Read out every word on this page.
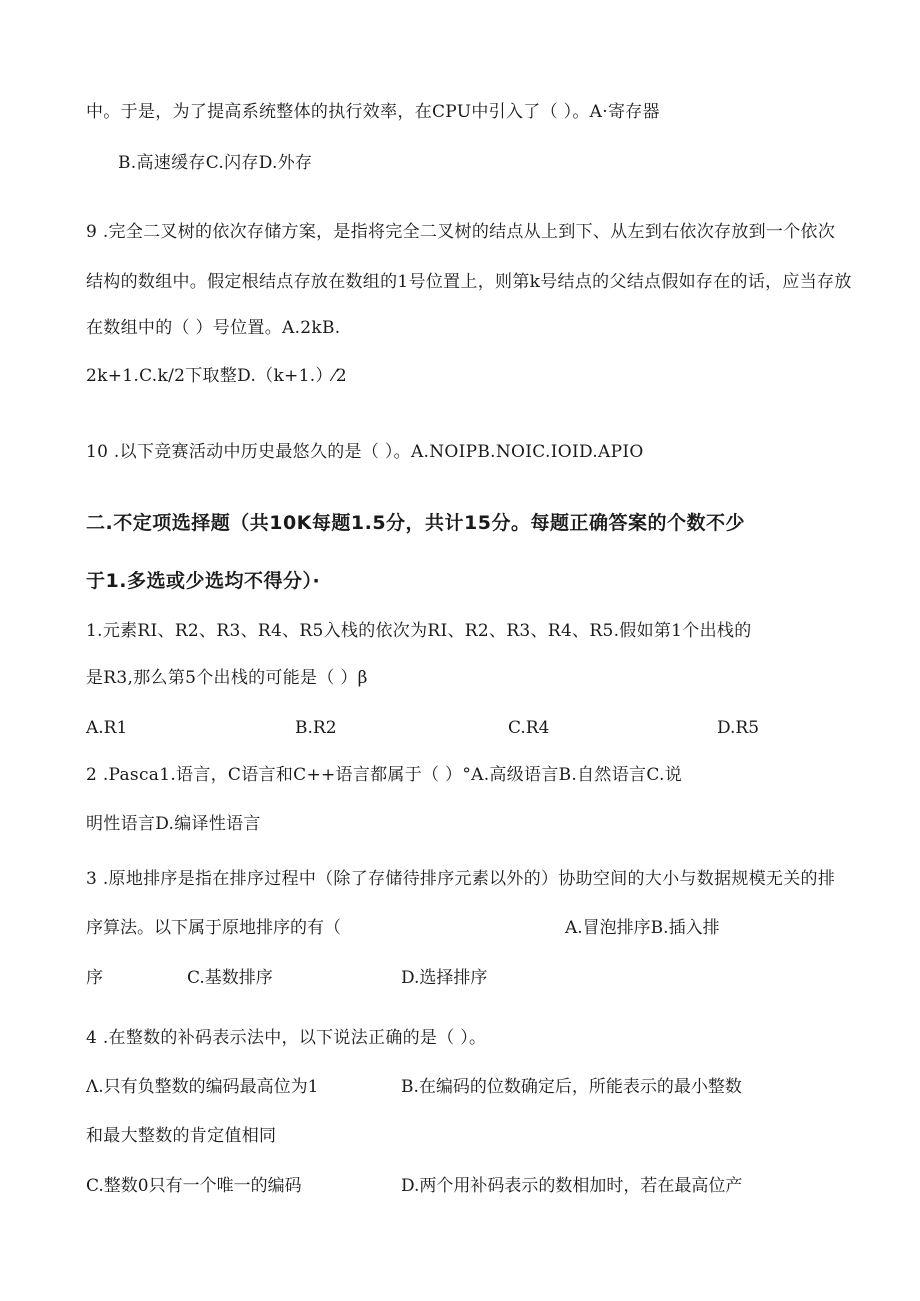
中。于是，为了提高系统整体的执行效率，在CPU中引入了（ ）。A·寄存器
B.高速缓存C.闪存D.外存
9 .完全二叉树的依次存储方案，是指将完全二叉树的结点从上到下、从左到右依次存放到一个依次
结构的数组中。假定根结点存放在数组的1号位置上，则第k号结点的父结点假如存在的话，应当存放
在数组中的（ ）号位置。A.2kB.
2k+1.C.k/2下取整D.（k+1.）⁄2
10 .以下竞赛活动中历史最悠久的是（ ）。A.NOIPB.NOIC.IOID.APIO
二.不定项选择题（共10K每题1.5分，共计15分。每题正确答案的个数不少
于1.多选或少选均不得分）·
1.元素RI、R2、R3、R4、R5入栈的依次为RI、R2、R3、R4、R5.假如第1个出栈的
是R3,那么第5个出栈的可能是（ ）β
A.R1	B.R2	C.R4	D.R5
2 .Pasca1.语言，C语言和C++语言都属于（ ）°A.高级语言B.自然语言C.说
明性语言D.编译性语言
3 .原地排序是指在排序过程中（除了存储待排序元素以外的）协助空间的大小与数据规模无关的排
序算法。以下属于原地排序的有（	A.冒泡排序B.插入排
序	C.基数排序	D.选择排序
4 .在整数的补码表示法中，以下说法正确的是（ ）。
Λ.只有负整数的编码最高位为1	B.在编码的位数确定后，所能表示的最小整数
和最大整数的肯定值相同
C.整数0只有一个唯一的编码	D.两个用补码表示的数相加时，若在最高位产
